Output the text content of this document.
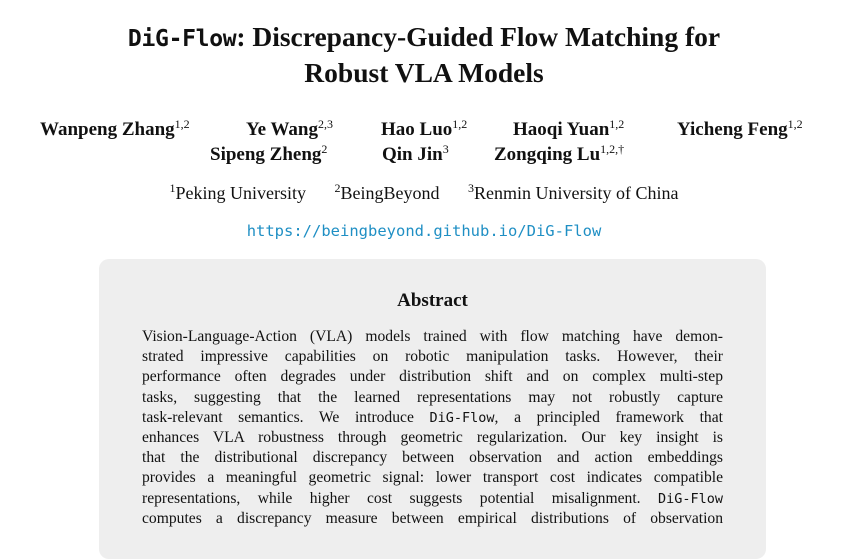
DiG-Flow: Discrepancy-Guided Flow Matching for
Robust VLA Models
Wanpeng Zhang$^{1,2}$	Ye Wang$^{2,3}$	Hao Luo$^{1,2}$ Haoqi Yuan$^{1,2}$	Yicheng Feng$^{1,2}$
Sipeng Zheng$^2$	Qin Jin$^3$ Zongqing $Lu^{1,2,\dagger}$
$^1$Peking University $^2$BeingBeyond $^3$Renmin University of China
https://beingbeyond.github.io/DiG-Flow
Abstract
Vision-Language-Action (VLA) models trained with flow matching have demon-
strated impressive capabilities on robotic manipulation tasks. However, their
performance often degrades under distribution shift and on complex multi-step
tasks, suggesting that the learned representations may not robustly capture
task-relevant semantics. We introduce DiG-Flow, a principled framework that
enhances VLA robustness through geometric regularization. Our key insight is
that the distributional discrepancy between observation and action embeddings
provides a meaningful geometric signal: lower transport cost indicates compatible
representations, while higher cost suggests potential misalignment. DiG-Flow
computes a discrepancy measure between empirical distributions of observation
